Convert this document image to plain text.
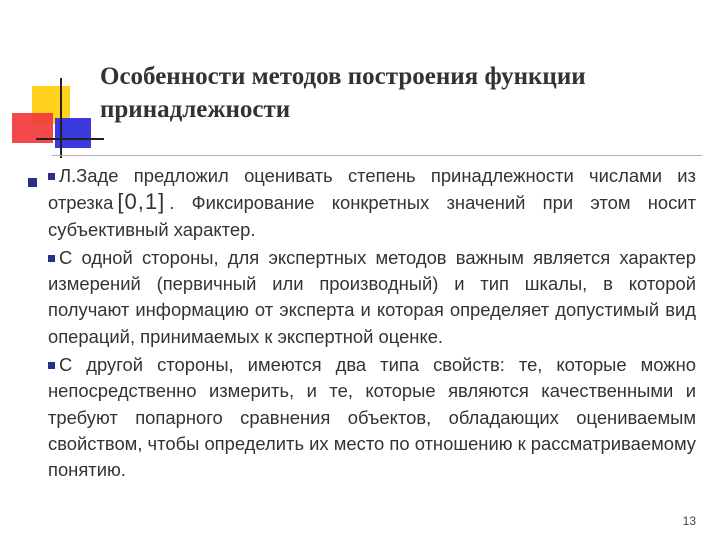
Особенности методов построения функции
принадлежности

Л.Заде предложил оценивать степень принадлежности числами из отрезка [0,1] . Фиксирование конкретных значений при этом носит субъективный характер.

С одной стороны, для экспертных методов важным является характер измерений (первичный или производный) и тип шкалы, в которой получают информацию от эксперта и которая определяет допустимый вид операций, принимаемых к экспертной оценке.

С другой стороны, имеются два типа свойств: те, которые можно непосредственно измерить, и те, которые являются качественными и требуют попарного сравнения объектов, обладающих оцениваемым свойством, чтобы определить их место по отношению к рассматриваемому понятию.

13
